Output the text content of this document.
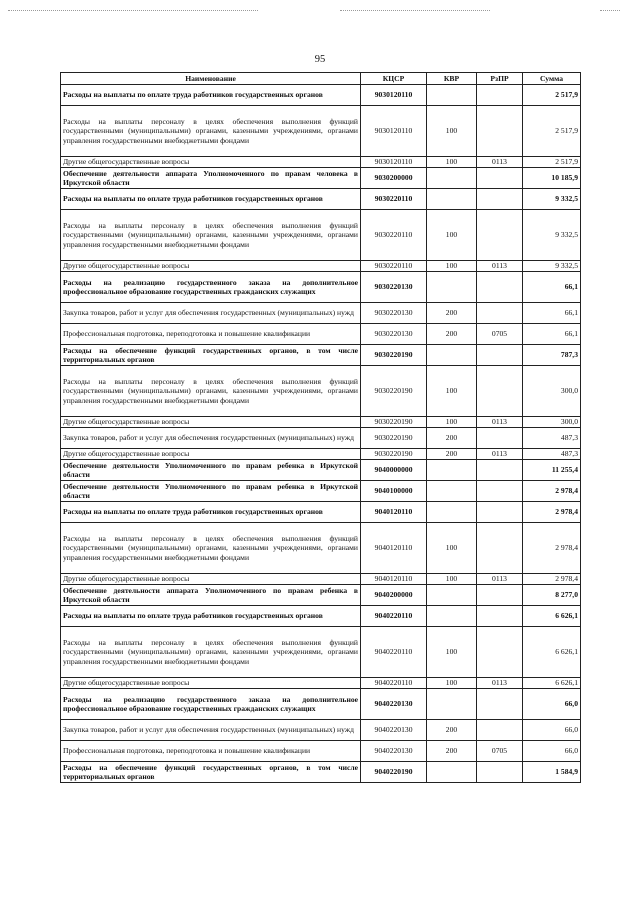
95
Наименование	КЦСР	КВР	РзПР	Сумма
Расходы на выплаты по оплате труда работников государственных органов	9030120110			2 517,9
Расходы на выплаты персоналу в целях обеспечения выполнения функций государственными (муниципальными) органами, казенными учреждениями, органами управления государственными внебюджетными фондами	9030120110	100		2 517,9
Другие общегосударственные вопросы	9030120110	100	0113	2 517,9
Обеспечение деятельности аппарата Уполномоченного по правам человека в Иркутской области	9030200000			10 185,9
Расходы на выплаты по оплате труда работников государственных органов	9030220110			9 332,5
Расходы на выплаты персоналу в целях обеспечения выполнения функций государственными (муниципальными) органами, казенными учреждениями, органами управления государственными внебюджетными фондами	9030220110	100		9 332,5
Другие общегосударственные вопросы	9030220110	100	0113	9 332,5
Расходы на реализацию государственного заказа на дополнительное профессиональное образование государственных гражданских служащих	9030220130			66,1
Закупка товаров, работ и услуг для обеспечения государственных (муниципальных) нужд	9030220130	200		66,1
Профессиональная подготовка, переподготовка и повышение квалификации	9030220130	200	0705	66,1
Расходы на обеспечение функций государственных органов, в том числе территориальных органов	9030220190			787,3
Расходы на выплаты персоналу в целях обеспечения выполнения функций государственными (муниципальными) органами, казенными учреждениями, органами управления государственными внебюджетными фондами	9030220190	100		300,0
Другие общегосударственные вопросы	9030220190	100	0113	300,0
Закупка товаров, работ и услуг для обеспечения государственных (муниципальных) нужд	9030220190	200		487,3
Другие общегосударственные вопросы	9030220190	200	0113	487,3
Обеспечение деятельности Уполномоченного по правам ребенка в Иркутской области	9040000000			11 255,4
Обеспечение деятельности Уполномоченного по правам ребенка в Иркутской области	9040100000			2 978,4
Расходы на выплаты по оплате труда работников государственных органов	9040120110			2 978,4
Расходы на выплаты персоналу в целях обеспечения выполнения функций государственными (муниципальными) органами, казенными учреждениями, органами управления государственными внебюджетными фондами	9040120110	100		2 978,4
Другие общегосударственные вопросы	9040120110	100	0113	2 978,4
Обеспечение деятельности аппарата Уполномоченного по правам ребенка в Иркутской области	9040200000			8 277,0
Расходы на выплаты по оплате труда работников государственных органов	9040220110			6 626,1
Расходы на выплаты персоналу в целях обеспечения выполнения функций государственными (муниципальными) органами, казенными учреждениями, органами управления государственными внебюджетными фондами	9040220110	100		6 626,1
Другие общегосударственные вопросы	9040220110	100	0113	6 626,1
Расходы на реализацию государственного заказа на дополнительное профессиональное образование государственных гражданских служащих	9040220130			66,0
Закупка товаров, работ и услуг для обеспечения государственных (муниципальных) нужд	9040220130	200		66,0
Профессиональная подготовка, переподготовка и повышение квалификации	9040220130	200	0705	66,0
Расходы на обеспечение функций государственных органов, в том числе территориальных органов	9040220190			1 584,9
